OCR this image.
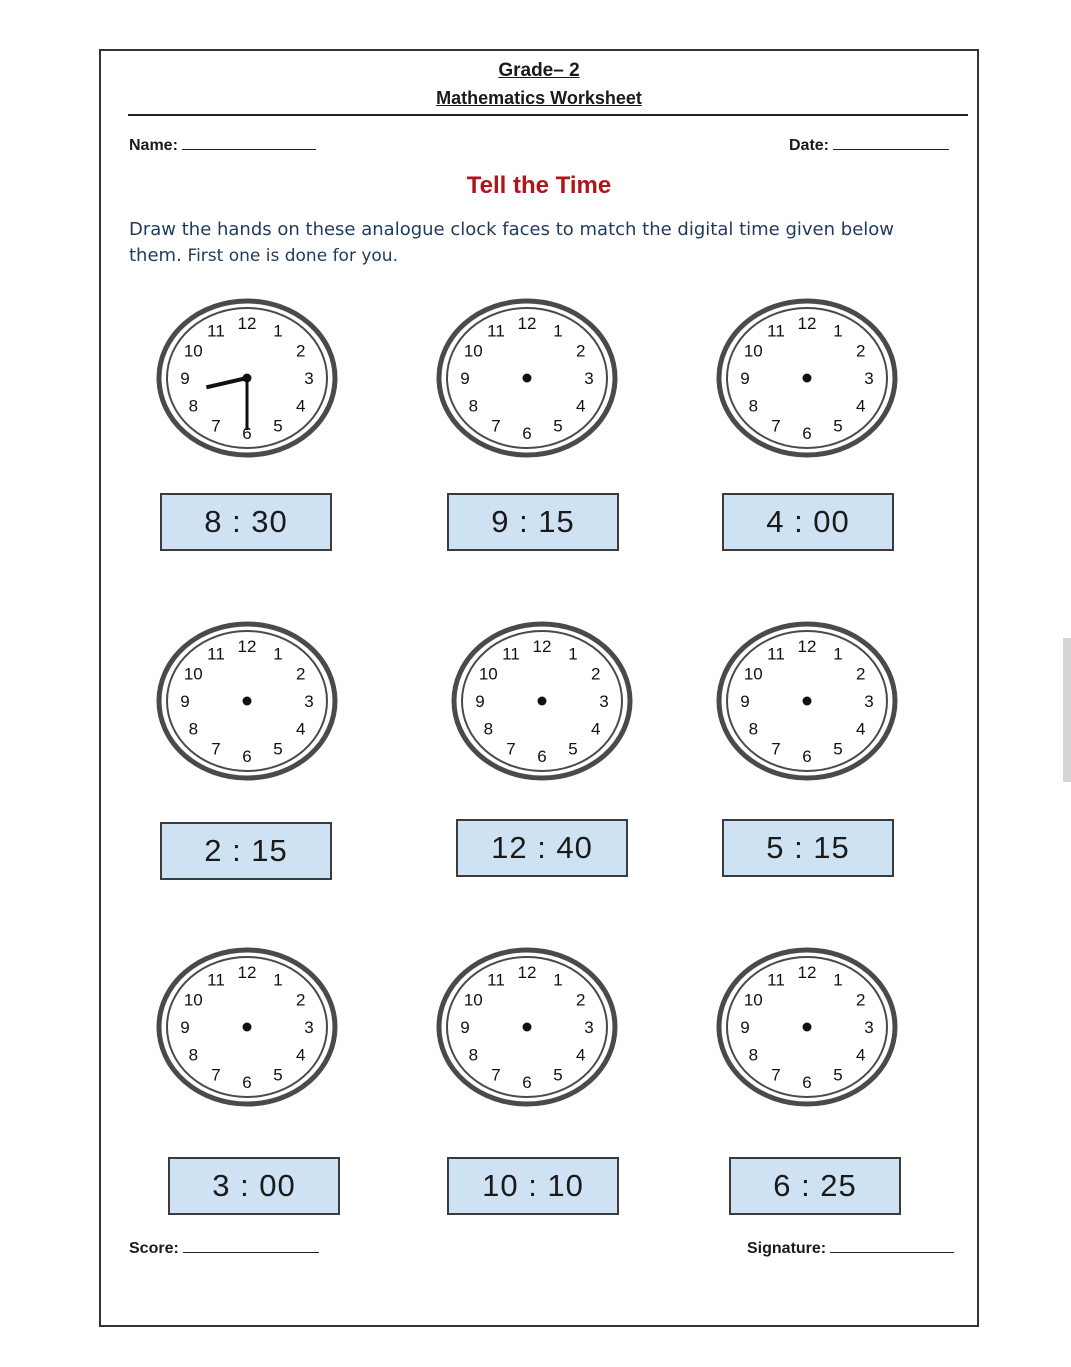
Grade– 2
Mathematics Worksheet
Name:	Date:
Tell the Time
Draw the hands on these analogue clock faces to match the digital time given below
them. First one is done for you.
12 1
2
3
4
5
6
7
8
9
10
11	12 1
2
3
4
5
6
7
8
9
10
11	12 1
2
3
4
5
6
7
8
9
10
11
8 : 30	9 : 15	4 : 00
12 1
2
3
4
5
6
7
8
9
10
11	12 1
2
3
4
5
6
7
8
9
10
11	12 1
2
3
4
5
6
7
8
9
10
11
2 : 15	12 : 40	5 : 15
12 1
2
3
4
5
6
7
8
9
10
11	12 1
2
3
4
5
6
7
8
9
10
11	12 1
2
3
4
5
6
7
8
9
10
11
3 : 00	10 : 10	6 : 25
Score:	Signature:
